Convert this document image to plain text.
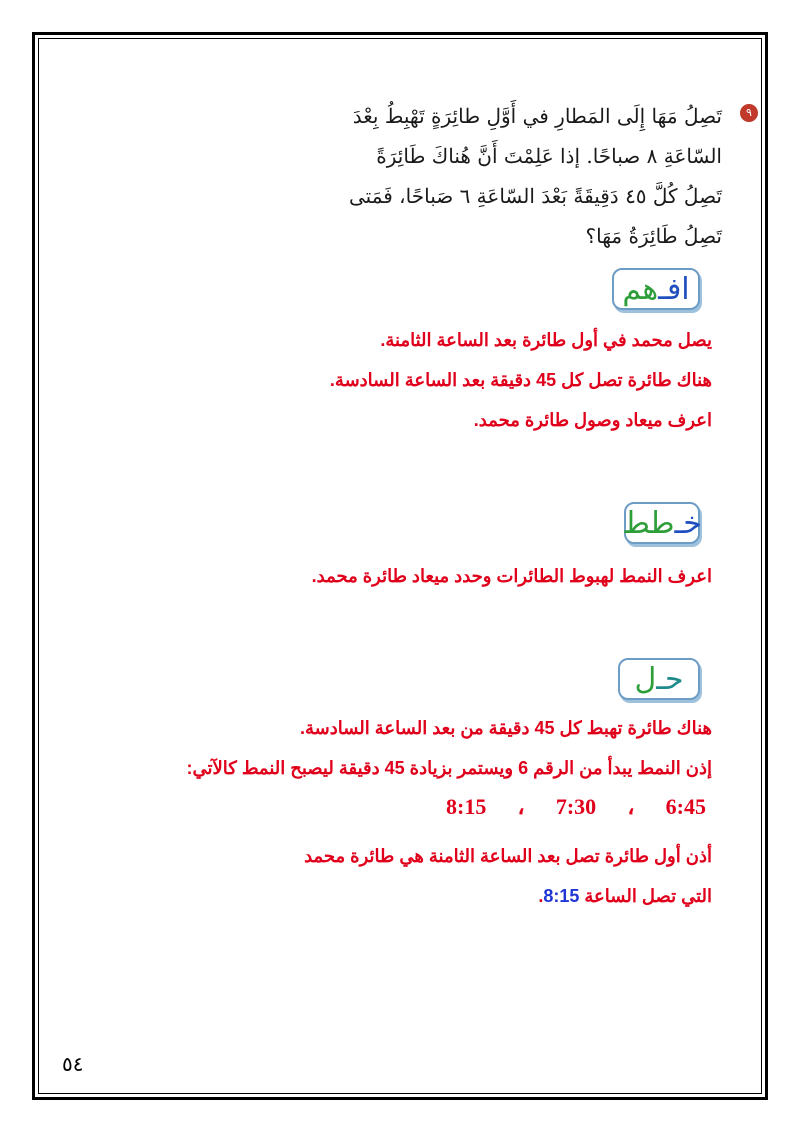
٩

تَصِلُ مَهَا إِلَى المَطارِ في أَوَّلِ طائِرَةٍ تَهْبِطُ بِعْدَ

السّاعَةِ ٨ صباحًا. إذا عَلِمْتَ أَنَّ هُناكَ طَائِرَةً

تَصِلُ كُلَّ ٤٥ دَقِيقَةً بَعْدَ السّاعَةِ ٦ صَباحًا، فَمَتى

تَصِلُ طَائِرَةُ مَهَا؟

افـ
هم

يصل محمد في أول طائرة بعد الساعة الثامنة.

هناك طائرة تصل كل 45 دقيقة بعد الساعة السادسة.

اعرف ميعاد وصول طائرة محمد.

خـ
طط

اعرف النمط لهبوط الطائرات وحدد ميعاد طائرة محمد.

حـ
ل

هناك طائرة تهبط كل 45 دقيقة من بعد الساعة السادسة.

إذن النمط يبدأ من الرقم 6 ويستمر بزيادة 45 دقيقة ليصبح النمط كالآتي:

8:15 ، 7:30 ، 6:45

أذن أول طائرة تصل بعد الساعة الثامنة هي طائرة محمد

التي تصل الساعة 8:15.

٥٤
